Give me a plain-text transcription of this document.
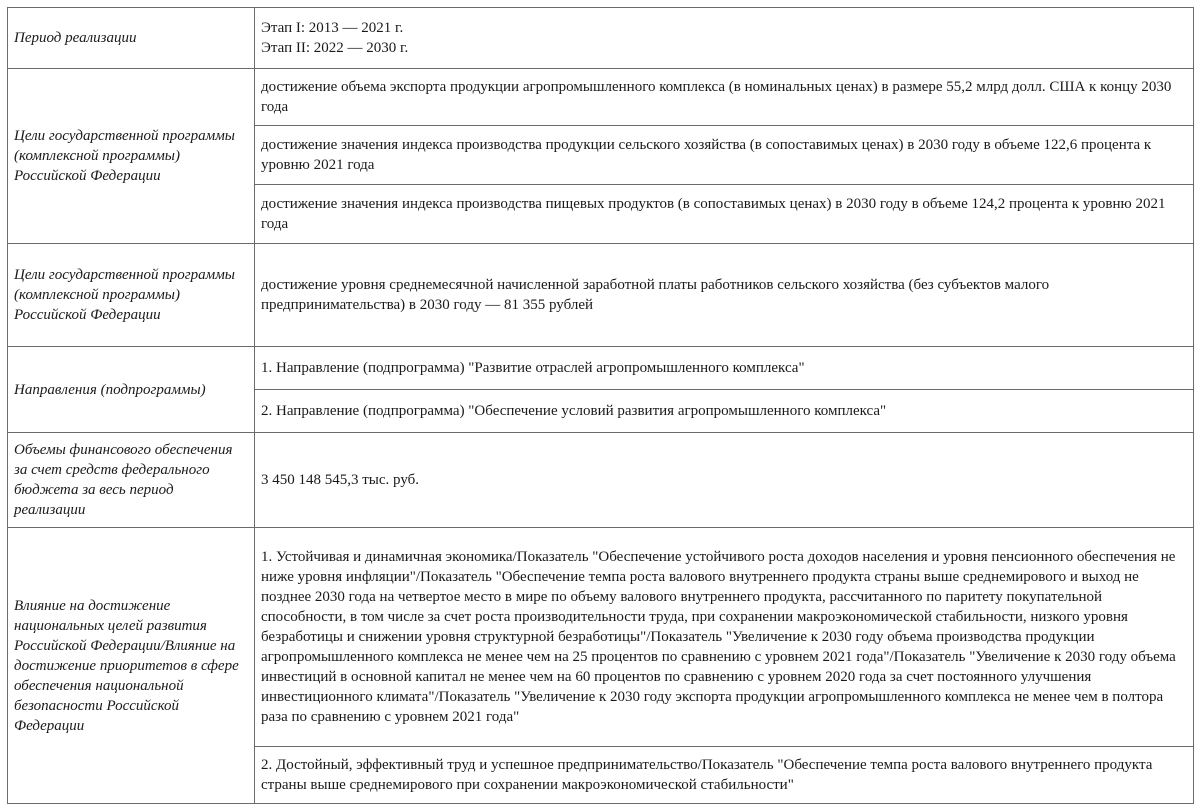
Период реализации	Этап I: 2013 — 2021 г.
Этап II: 2022 — 2030 г.

Цели государственной программы (комплексной программы) Российской Федерации	достижение объема экспорта продукции агропромышленного комплекса (в номинальных ценах) в размере 55,2 млрд долл. США к концу 2030 года
	достижение значения индекса производства продукции сельского хозяйства (в сопоставимых ценах) в 2030 году в объеме 122,6 процента к уровню 2021 года
	достижение значения индекса производства пищевых продуктов (в сопоставимых ценах) в 2030 году в объеме 124,2 процента к уровню 2021 года
Цели государственной программы (комплексной программы) Российской Федерации	достижение уровня среднемесячной начисленной заработной платы работников сельского хозяйства (без субъектов малого предпринимательства) в 2030 году — 81 355 рублей
Направления (подпрограммы)	1. Направление (подпрограмма) "Развитие отраслей агропромышленного комплекса"
	2. Направление (подпрограмма) "Обеспечение условий развития агропромышленного комплекса"
Объемы финансового обеспечения за счет средств федерального бюджета за весь период реализации	3 450 148 545,3 тыс. руб.
Влияние на достижение национальных целей развития Российской Федерации/Влияние на достижение приоритетов в сфере обеспечения национальной безопасности Российской Федерации	1. Устойчивая и динамичная экономика/Показатель "Обеспечение устойчивого роста доходов населения и уровня пенсионного обеспечения не ниже уровня инфляции"/Показатель "Обеспечение темпа роста валового внутреннего продукта страны выше среднемирового и выход не позднее 2030 года на четвертое место в мире по объему валового внутреннего продукта, рассчитанного по паритету покупательной способности, в том числе за счет роста производительности труда, при сохранении макроэкономической стабильности, низкого уровня безработицы и снижении уровня структурной безработицы"/Показатель "Увеличение к 2030 году объема производства продукции агропромышленного комплекса не менее чем на 25 процентов по сравнению с уровнем 2021 года"/Показатель "Увеличение к 2030 году объема инвестиций в основной капитал не менее чем на 60 процентов по сравнению с уровнем 2020 года за счет постоянного улучшения инвестиционного климата"/Показатель "Увеличение к 2030 году экспорта продукции агропромышленного комплекса не менее чем в полтора раза по сравнению с уровнем 2021 года"
	2. Достойный, эффективный труд и успешное предпринимательство/Показатель "Обеспечение темпа роста валового внутреннего продукта страны выше среднемирового при сохранении макроэкономической стабильности"
